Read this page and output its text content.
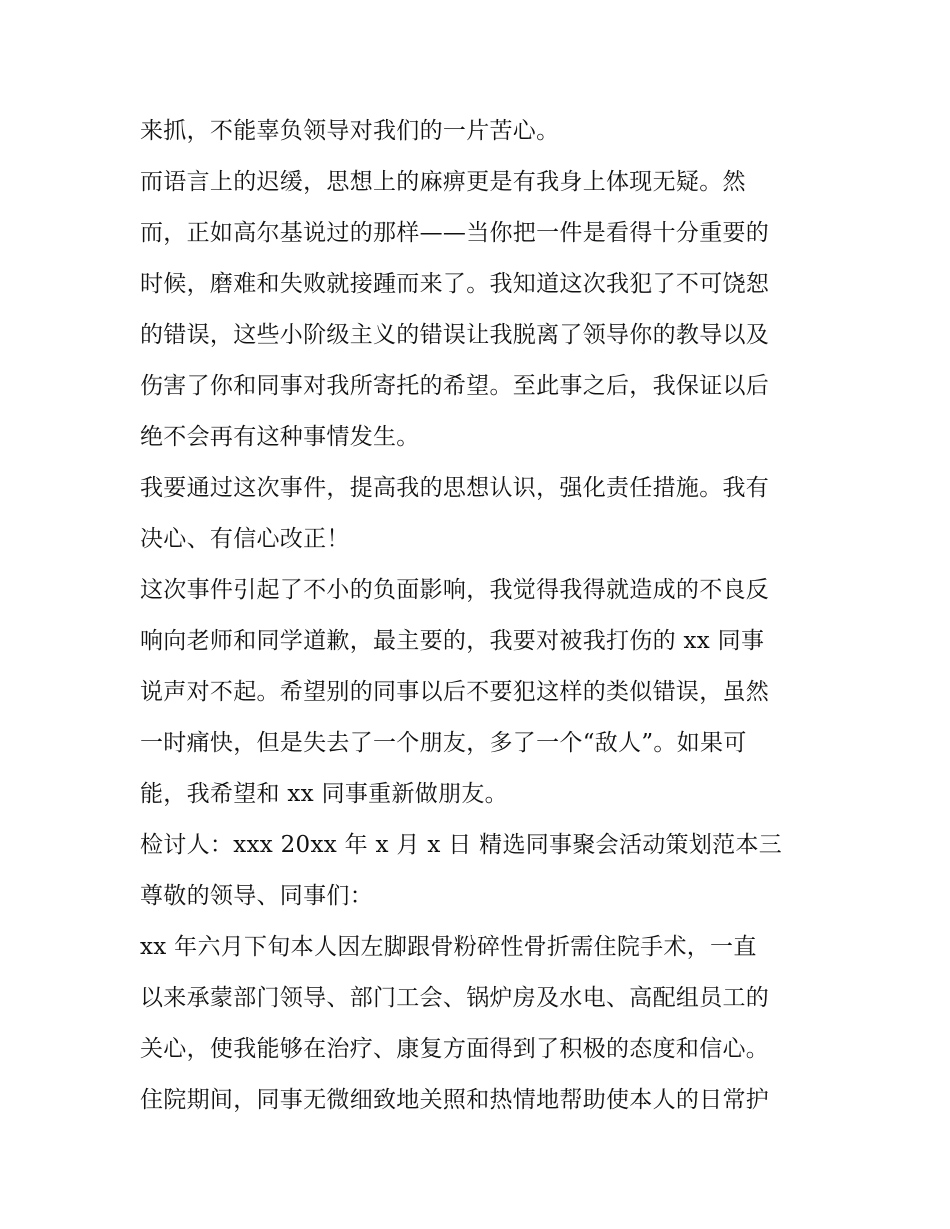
来抓，不能辜负领导对我们的一片苦心。
而语言上的迟缓，思想上的麻痹更是有我身上体现无疑。然
而，正如高尔基说过的那样——当你把一件是看得十分重要的
时候，磨难和失败就接踵而来了。我知道这次我犯了不可饶恕
的错误，这些小阶级主义的错误让我脱离了领导你的教导以及
伤害了你和同事对我所寄托的希望。至此事之后，我保证以后
绝不会再有这种事情发生。
我要通过这次事件，提高我的思想认识，强化责任措施。我有
决心、有信心改正！
这次事件引起了不小的负面影响，我觉得我得就造成的不良反
响向老师和同学道歉，最主要的，我要对被我打伤的 xx 同事
说声对不起。希望别的同事以后不要犯这样的类似错误，虽然
一时痛快，但是失去了一个朋友，多了一个“敌人”。如果可
能，我希望和 xx 同事重新做朋友。
检讨人：xxx 20xx 年 x 月 x 日 精选同事聚会活动策划范本三
尊敬的领导、同事们：
xx 年六月下旬本人因左脚跟骨粉碎性骨折需住院手术，一直
以来承蒙部门领导、部门工会、锅炉房及水电、高配组员工的
关心，使我能够在治疗、康复方面得到了积极的态度和信心。
住院期间，同事无微细致地关照和热情地帮助使本人的日常护
